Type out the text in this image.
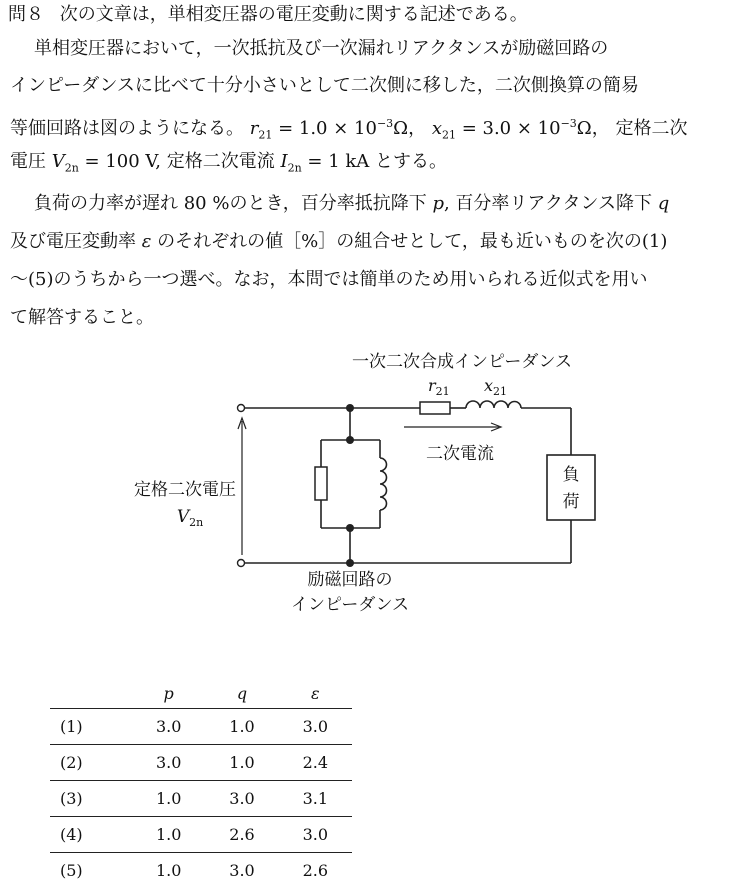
問８ 次の文章は，単相変圧器の電圧変動に関する記述である。
単相変圧器において，一次抵抗及び一次漏れリアクタンスが励磁回路の
インピーダンスに比べて十分小さいとして二次側に移した，二次側換算の簡易
等価回路は図のようになる。 $r_{21} = 1.0 \times 10^{-3}\Omega$， $x_{21} = 3.0 \times 10^{-3}\Omega$， 定格二次
電圧 $V_{2n} = 100$ V, 定格二次電流 $I_{2n} = 1$ kA とする。
負荷の力率が遅れ 80 %のとき，百分率抵抗降下 p, 百分率リアクタンス降下 q
及び電圧変動率 ε のそれぞれの値［%］の組合せとして，最も近いものを次の(1)
～(5)のうちから一つ選べ。なお，本問では簡単のため用いられる近似式を用い
て解答すること。
一次二次合成インピーダンス
$r_{21}$ $x_{21}$
負
荷
二次電流
定格二次電圧
$V_{2n}$
励磁回路の
インピーダンス
	p	q	ε
(1)	3.0	1.0	3.0
(2)	3.0	1.0	2.4
(3)	1.0	3.0	3.1
(4)	1.0	2.6	3.0
(5)	1.0	3.0	2.6
